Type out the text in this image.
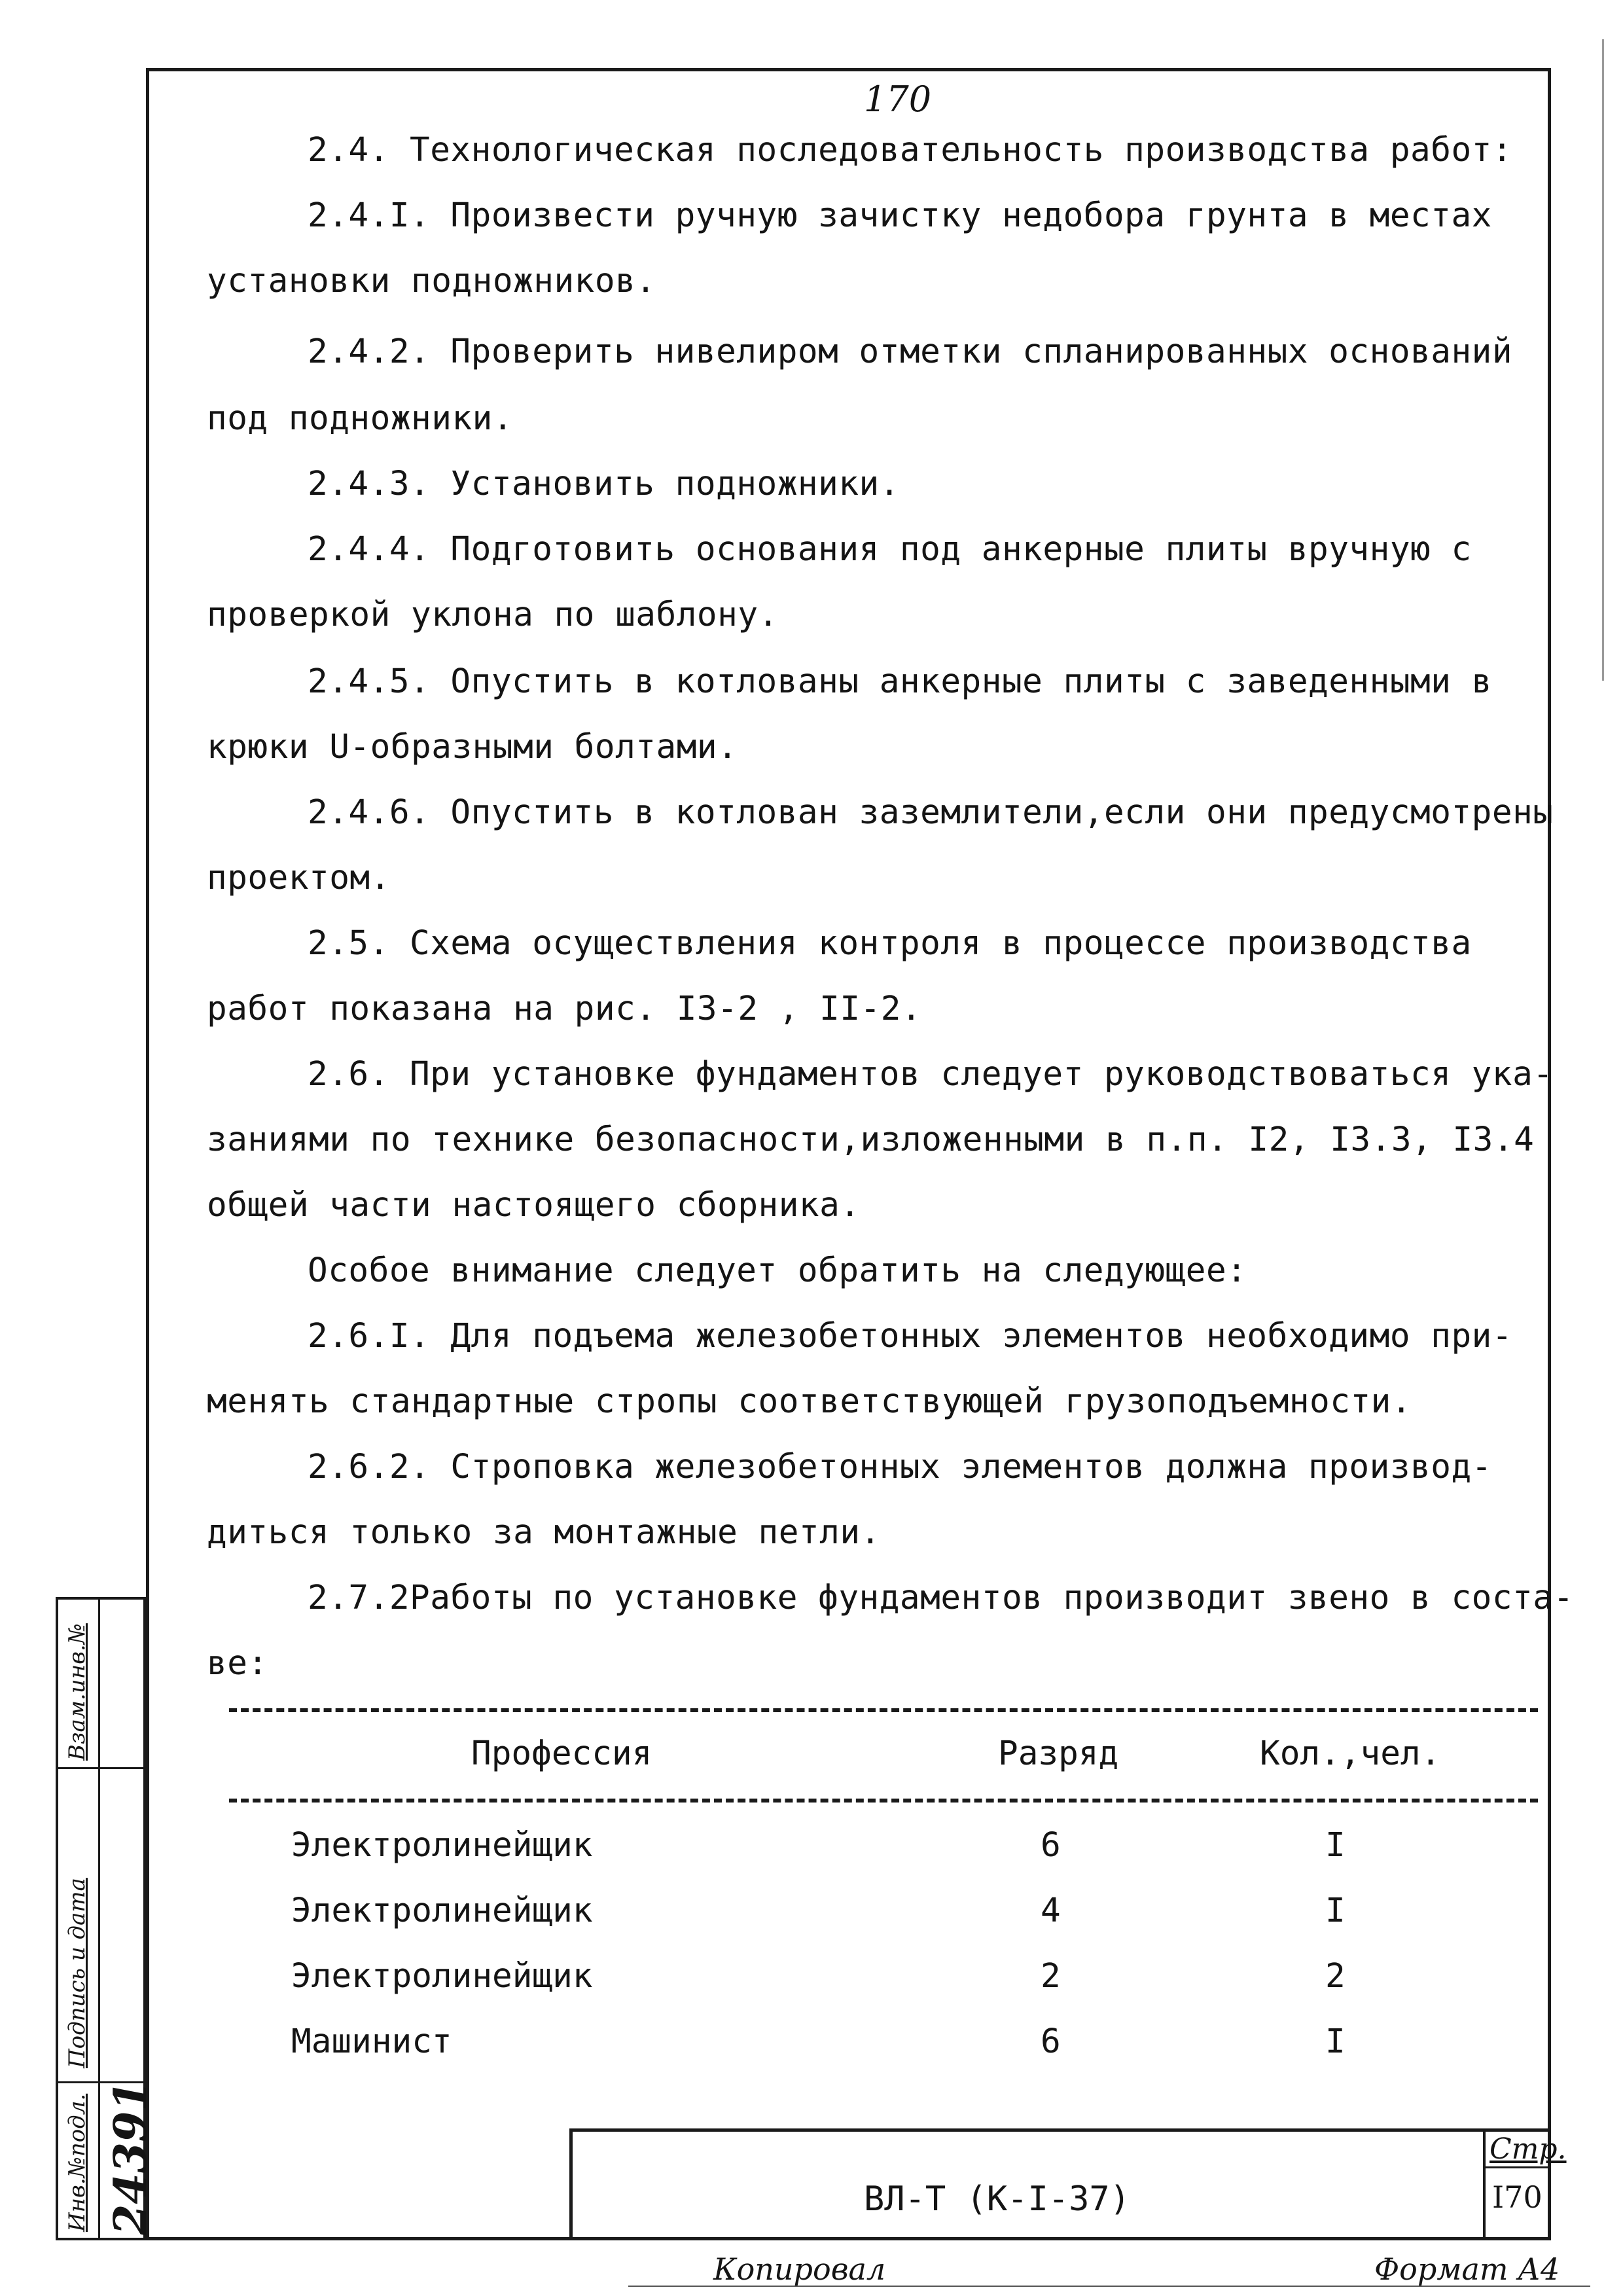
170
2.4. Технологическая последовательность производства работ:
2.4.I. Произвести ручную зачистку недобора грунта в местах
установки подножников.
2.4.2. Проверить нивелиром отметки спланированных оснований
под подножники.
2.4.3. Установить подножники.
2.4.4. Подготовить основания под анкерные плиты вручную с
проверкой уклона по шаблону.
2.4.5. Опустить в котлованы анкерные плиты с заведенными в
крюки U-образными болтами.
2.4.6. Опустить в котлован заземлители,если они предусмотрены
проектом.
2.5. Схема осуществления контроля в процессе производства
работ показана на рис. I3-2 , II-2.
2.6. При установке фундаментов следует руководствоваться ука-
заниями по технике безопасности,изложенными в п.п. I2, I3.3, I3.4
общей части настоящего сборника.
Особое внимание следует обратить на следующее:
2.6.I. Для подъема железобетонных элементов необходимо при-
менять стандартные стропы соответствующей грузоподъемности.
2.6.2. Строповка железобетонных элементов должна производ-
диться только за монтажные петли.
2.7.2Работы по установке фундаментов производит звено в соста-
ве:
Профессия	Разряд	Кол.,чел.
Электролинейщик	6	I
Электролинейщик	4	I
Электролинейщик	2	2
Машинист	6	I
ВЛ-Т (К-I-37)
Стр.
I70
Инв.№подл.
Подпись и дата
Взам.инв.№
24391
Копировал	Формат А4
